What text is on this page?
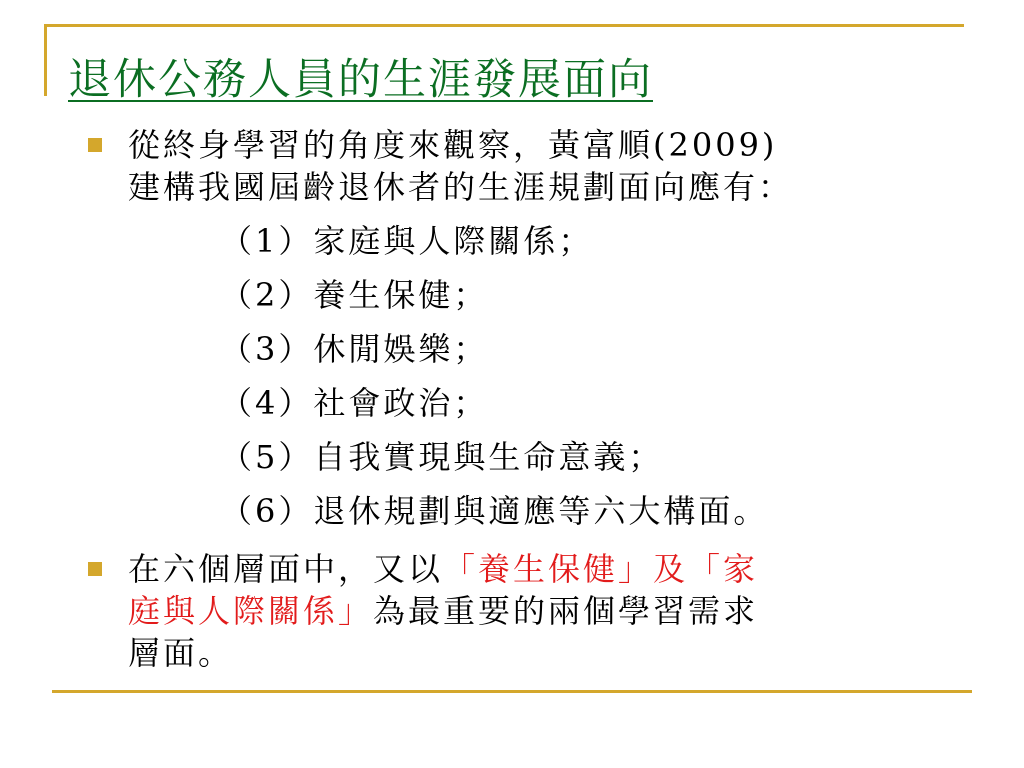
退休公務人員的生涯發展面向
從終身學習的角度來觀察，黃富順(2009)
建構我國屆齡退休者的生涯規劃面向應有：
（1）家庭與人際關係；
（2）養生保健；
（3）休閒娛樂；
（4）社會政治；
（5）自我實現與生命意義；
（6）退休規劃與適應等六大構面。
在六個層面中，又以「養生保健」及「家
庭與人際關係」為最重要的兩個學習需求
層面。
